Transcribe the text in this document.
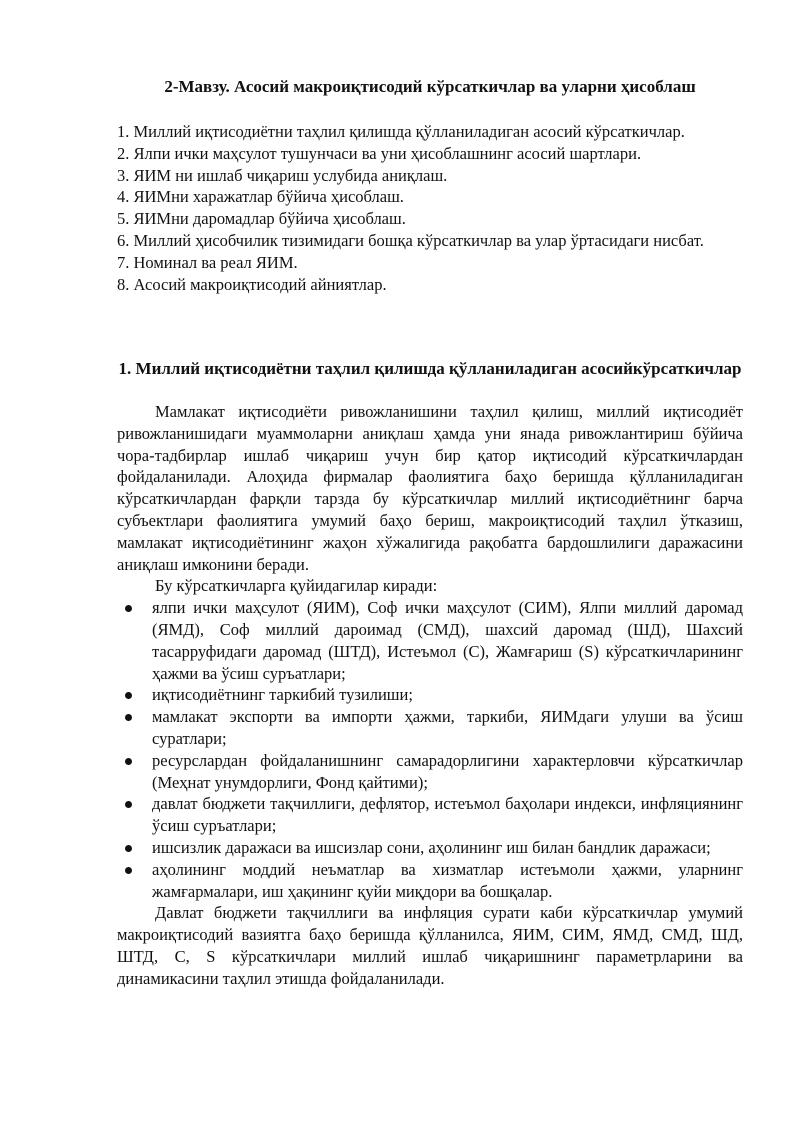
2-Мавзу. Асосий макроиқтисодий кўрсаткичлар ва уларни ҳисоблаш

1. Миллий иқтисодиётни таҳлил қилишда қўлланиладиган асосий кўрсаткичлар.

2. Ялпи ички маҳсулот тушунчаси ва уни ҳисоблашнинг асосий шартлари.

3. ЯИМ ни ишлаб чиқариш услубида аниқлаш.

4. ЯИМни харажатлар бўйича ҳисоблаш.

5. ЯИМни даромадлар бўйича ҳисоблаш.

6. Миллий ҳисобчилик тизимидаги бошқа кўрсаткичлар ва улар ўртасидаги нисбат.

7. Номинал ва реал ЯИМ.

8. Асосий макроиқтисодий айниятлар.

1. Миллий иқтисодиётни таҳлил қилишда қўлланиладиган асосийкўрсаткичлар

Мамлакат иқтисодиёти ривожланишини таҳлил қилиш, миллий иқтисодиёт ривожланишидаги муаммоларни аниқлаш ҳамда уни янада ривожлантириш бўйича чора-тадбирлар ишлаб чиқариш учун бир қатор иқтисодий кўрсаткичлардан фойдаланилади. Алоҳида фирмалар фаолиятига баҳо беришда қўлланиладиган кўрсаткичлардан фарқли тарзда бу кўрсаткичлар миллий иқтисодиётнинг барча субъектлари фаолиятига умумий баҳо бериш, макроиқтисодий таҳлил ўтказиш, мамлакат иқтисодиётининг жаҳон хўжалигида рақобатга бардошлилиги даражасини аниқлаш имконини беради.

Бу кўрсаткичларга қуйидагилар киради:

ялпи ички маҳсулот (ЯИМ), Соф ички маҳсулот (СИМ), Ялпи миллий даромад (ЯМД), Соф миллий дароимад (СМД), шахсий даромад (ШД), Шахсий тасарруфидаги даромад (ШТД), Истеъмол (С), Жамғариш (S) кўрсаткичларининг ҳажми ва ўсиш суръатлари;
иқтисодиётнинг таркибий тузилиши;
мамлакат экспорти ва импорти ҳажми, таркиби, ЯИМдаги улуши ва ўсиш суратлари;
ресурслардан фойдаланишнинг самарадорлигини характерловчи кўрсаткичлар (Меҳнат унумдорлиги, Фонд қайтими);
давлат бюджети тақчиллиги, дефлятор, истеъмол баҳолари индекси, инфляциянинг ўсиш суръатлари;
ишсизлик даражаси ва ишсизлар сони, аҳолининг иш билан бандлик даражаси;
аҳолининг моддий неъматлар ва хизматлар истеъмоли ҳажми, уларнинг жамғармалари, иш ҳақининг қуйи миқдори ва бошқалар.

Давлат бюджети тақчиллиги ва инфляция сурати каби кўрсаткичлар умумий макроиқтисодий вазиятга баҳо беришда қўлланилса, ЯИМ, СИМ, ЯМД, СМД, ШД, ШТД, С, S кўрсаткичлари миллий ишлаб чиқаришнинг параметрларини ва динамикасини таҳлил этишда фойдаланилади.
